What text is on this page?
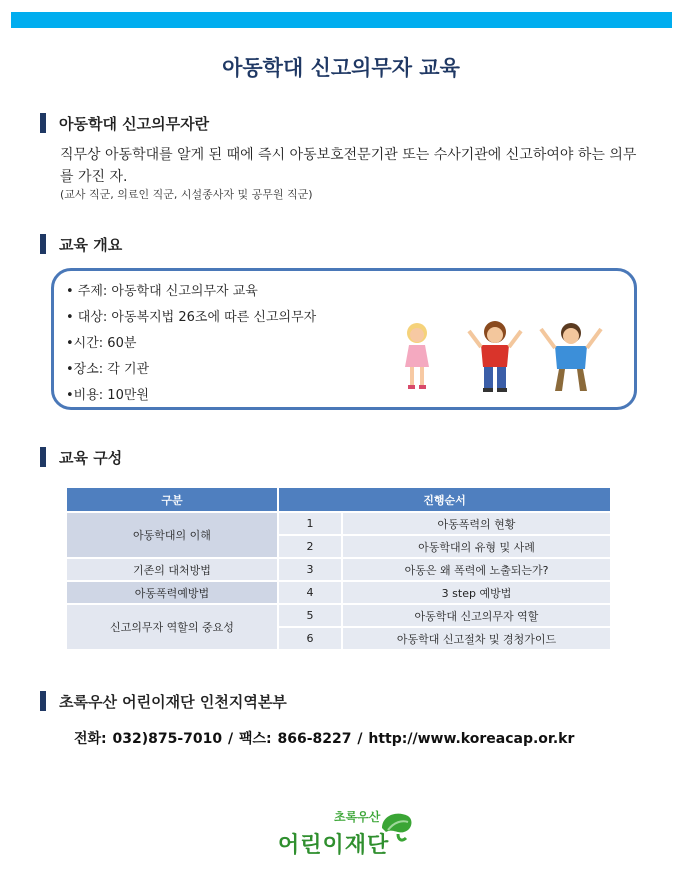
아동학대 신고의무자 교육
아동학대 신고의무자란
직무상 아동학대를 알게 된 때에 즉시 아동보호전문기관 또는 수사기관에 신고하여야 하는 의무를 가진 자.
(교사 직군, 의료인 직군, 시설종사자 및 공무원 직군)
교육 개요
• 주제: 아동학대 신고의무자 교육
• 대상: 아동복지법 26조에 따른 신고의무자
•시간: 60분
•장소: 각 기관
•비용: 10만원
교육 구성
구분	진행순서	
아동학대의 이해	1	아동폭력의 현황
	2	아동학대의 유형 및 사례
기존의 대처방법	3	아동은 왜 폭력에 노출되는가?
아동폭력예방법	4	3 step 예방법
신고의무자 역할의 중요성	5	아동학대 신고의무자 역할
	6	아동학대 신고절차 및 경청가이드
초록우산 어린이재단 인천지역본부
전화: 032)875-7010 / 팩스: 866-8227 / http://www.koreacap.or.kr
초록우산
어린이재단
